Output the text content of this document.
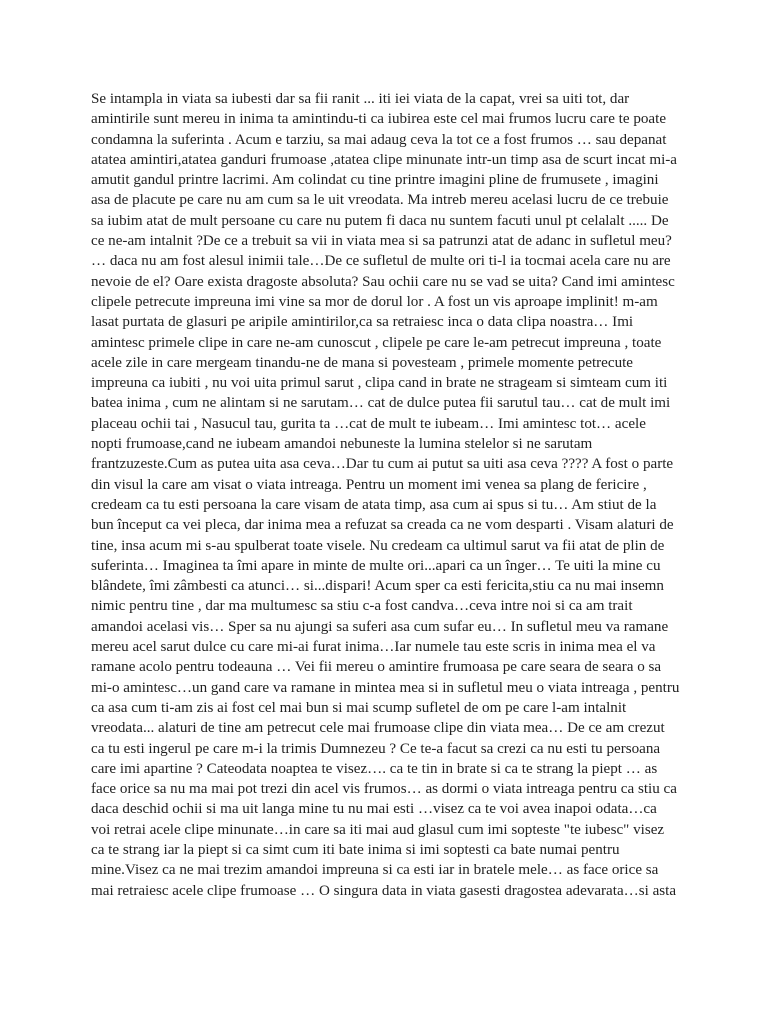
Se intampla in viata sa iubesti dar sa fii ranit ... iti iei viata de la capat, vrei sa uiti tot, dar
amintirile sunt mereu in inima ta amintindu-ti ca iubirea este cel mai frumos lucru care te poate
condamna la suferinta . Acum e tarziu, sa mai adaug ceva la tot ce a fost frumos … sau depanat
atatea amintiri,atatea ganduri frumoase ,atatea clipe minunate intr-un timp asa de scurt incat mi-a
amutit gandul printre lacrimi. Am colindat cu tine printre imagini pline de frumusete , imagini
asa de placute pe care nu am cum sa le uit vreodata. Ma intreb mereu acelasi lucru de ce trebuie
sa iubim atat de mult persoane cu care nu putem fi daca nu suntem facuti unul pt celalalt ..... De
ce ne-am intalnit ?De ce a trebuit sa vii in viata mea si sa patrunzi atat de adanc in sufletul meu?
… daca nu am fost alesul inimii tale…De ce sufletul de multe ori ti-l ia tocmai acela care nu are
nevoie de el? Oare exista dragoste absoluta? Sau ochii care nu se vad se uita? Cand imi amintesc
clipele petrecute impreuna imi vine sa mor de dorul lor . A fost un vis aproape implinit! m-am
lasat purtata de glasuri pe aripile amintirilor,ca sa retraiesc inca o data clipa noastra… Imi
amintesc primele clipe in care ne-am cunoscut , clipele pe care le-am petrecut impreuna , toate
acele zile in care mergeam tinandu-ne de mana si povesteam , primele momente petrecute
impreuna ca iubiti , nu voi uita primul sarut , clipa cand in brate ne strageam si simteam cum iti
batea inima , cum ne alintam si ne sarutam… cat de dulce putea fii sarutul tau… cat de mult imi
placeau ochii tai , Nasucul tau, gurita ta …cat de mult te iubeam… Imi amintesc tot… acele
nopti frumoase,cand ne iubeam amandoi nebuneste la lumina stelelor si ne sarutam
frantzuzeste.Cum as putea uita asa ceva…Dar tu cum ai putut sa uiti asa ceva ???? A fost o parte
din visul la care am visat o viata intreaga. Pentru un moment imi venea sa plang de fericire ,
credeam ca tu esti persoana la care visam de atata timp, asa cum ai spus si tu… Am stiut de la
bun început ca vei pleca, dar inima mea a refuzat sa creada ca ne vom desparti . Visam alaturi de
tine, insa acum mi s-au spulberat toate visele. Nu credeam ca ultimul sarut va fii atat de plin de
suferinta… Imaginea ta îmi apare in minte de multe ori...apari ca un înger… Te uiti la mine cu
blândete, îmi zâmbesti ca atunci… si...dispari! Acum sper ca esti fericita,stiu ca nu mai insemn
nimic pentru tine , dar ma multumesc sa stiu c-a fost candva…ceva intre noi si ca am trait
amandoi acelasi vis… Sper sa nu ajungi sa suferi asa cum sufar eu… In sufletul meu va ramane
mereu acel sarut dulce cu care mi-ai furat inima…Iar numele tau este scris in inima mea el va
ramane acolo pentru todeauna … Vei fii mereu o amintire frumoasa pe care seara de seara o sa
mi-o amintesc…un gand care va ramane in mintea mea si in sufletul meu o viata intreaga , pentru
ca asa cum ti-am zis ai fost cel mai bun si mai scump sufletel de om pe care l-am intalnit
vreodata... alaturi de tine am petrecut cele mai frumoase clipe din viata mea… De ce am crezut
ca tu esti ingerul pe care m-i la trimis Dumnezeu ? Ce te-a facut sa crezi ca nu esti tu persoana
care imi apartine ? Cateodata noaptea te visez…. ca te tin in brate si ca te strang la piept … as
face orice sa nu ma mai pot trezi din acel vis frumos… as dormi o viata intreaga pentru ca stiu ca
daca deschid ochii si ma uit langa mine tu nu mai esti …visez ca te voi avea inapoi odata…ca
voi retrai acele clipe minunate…in care sa iti mai aud glasul cum imi sopteste "te iubesc" visez
ca te strang iar la piept si ca simt cum iti bate inima si imi soptesti ca bate numai pentru
mine.Visez ca ne mai trezim amandoi impreuna si ca esti iar in bratele mele… as face orice sa
mai retraiesc acele clipe frumoase … O singura data in viata gasesti dragostea adevarata…si asta
